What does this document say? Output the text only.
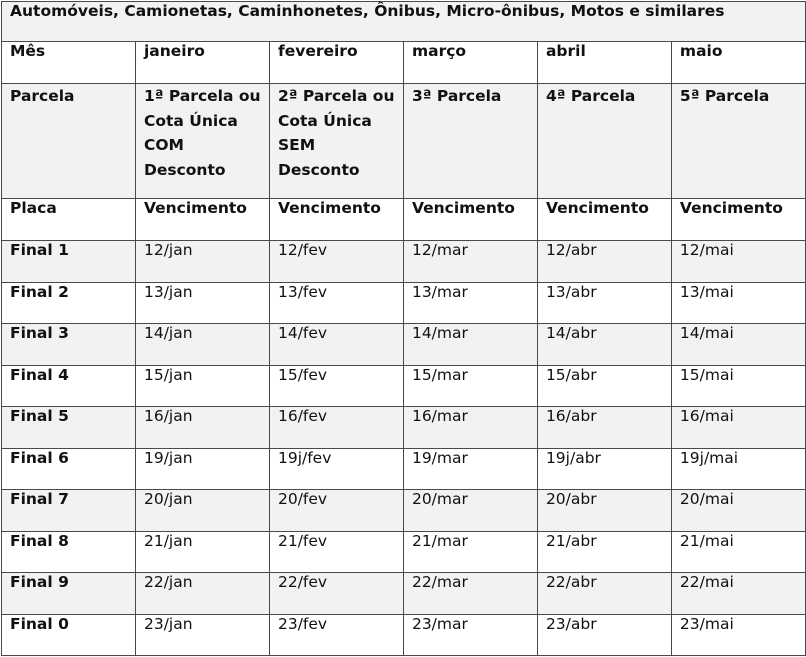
Automóveis, Camionetas, Caminhonetes, Ônibus, Micro-ônibus, Motos e similares					
Mês	janeiro	fevereiro	março	abril	maio
Parcela	1ª Parcela ou Cota Única COM Desconto	2ª Parcela ou Cota Única SEM Desconto	3ª Parcela	4ª Parcela	5ª Parcela
Placa	Vencimento	Vencimento	Vencimento	Vencimento	Vencimento
Final 1	12/jan	12/fev	12/mar	12/abr	12/mai
Final 2	13/jan	13/fev	13/mar	13/abr	13/mai
Final 3	14/jan	14/fev	14/mar	14/abr	14/mai
Final 4	15/jan	15/fev	15/mar	15/abr	15/mai
Final 5	16/jan	16/fev	16/mar	16/abr	16/mai
Final 6	19/jan	19j/fev	19/mar	19j/abr	19j/mai
Final 7	20/jan	20/fev	20/mar	20/abr	20/mai
Final 8	21/jan	21/fev	21/mar	21/abr	21/mai
Final 9	22/jan	22/fev	22/mar	22/abr	22/mai
Final 0	23/jan	23/fev	23/mar	23/abr	23/mai
